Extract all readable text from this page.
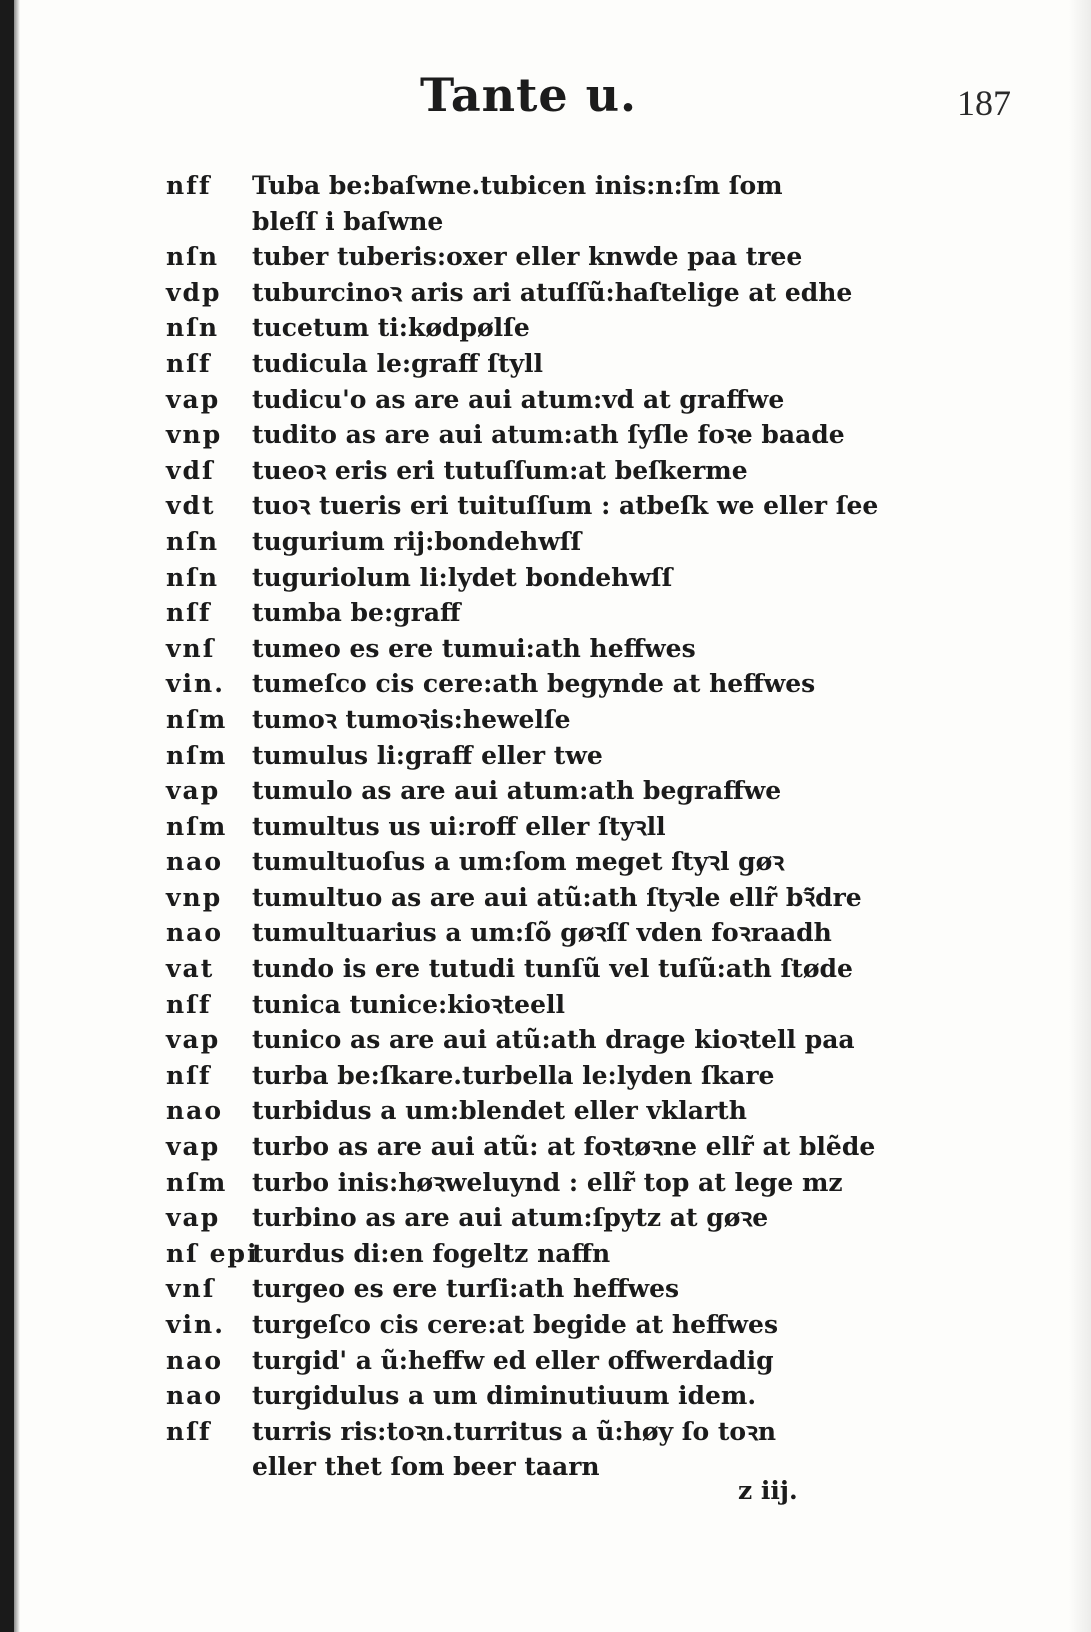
Tante u.	187
nff Tuba be:baſwne.tubicen inis:n:ſm ſom
bleſſ i baſwne
nſn tuber tuberis:oxer eller knwde paa tree
vdp tuburcinoꝛ aris ari atuſſũ:haſtelige at edhe
nſn tucetum ti:kødpølſe
nſf tudicula le:graff ſtyll
vap tudicu'o as are aui atum:vd at graffwe
vnp tudito as are aui atum:ath ſyſle foꝛe baade
vdſ tueoꝛ eris eri tutuſſum:at beſkerme
vdt tuoꝛ tueris eri tuituſſum : atbeſk we eller ſee
nſn tugurium rij:bondehwſſ
nſn tuguriolum li:lydet bondehwſſ
nſf tumba be:graff
vnſ tumeo es ere tumui:ath heffwes
vin. tumeſco cis cere:ath begynde at heffwes
nſm tumoꝛ tumoꝛis:hewelſe
nſm tumulus li:graff eller twe
vap tumulo as are aui atum:ath begraffwe
nſm tumultus us ui:roff eller ſtyꝛll
nao tumultuoſus a um:ſom meget ſtyꝛl gøꝛ
vnp tumultuo as are aui atũ:ath ſtyꝛle ellr̃ bꝛ̃dre
nao tumultuarius a um:ſõ gøꝛſſ vden foꝛraadh
vat tundo is ere tutudi tunſũ vel tuſũ:ath ſtøde
nſf tunica tunice:kioꝛteell
vap tunico as are aui atũ:ath drage kioꝛtell paa
nſf turba be:ſkare.turbella le:lyden ſkare
nao turbidus a um:blendet eller vklarth
vap turbo as are aui atũ: at foꝛtøꝛne ellr̃ at blẽde
nſm turbo inis:høꝛweluynd : ellr̃ top at lege mz
vap turbino as are aui atum:ſpytz at gøꝛe
nſ epiturdus di:en fogeltz naffn
vnſ turgeo es ere turſi:ath heffwes
vin. turgeſco cis cere:at begide at heffwes
nao turgid' a ũ:heffw ed eller offwerdadig
nao turgidulus a um diminutiuum idem.
nſf turris ris:toꝛn.turritus a ũ:høy ſo toꝛn
eller thet ſom beer taarn
z iij.
